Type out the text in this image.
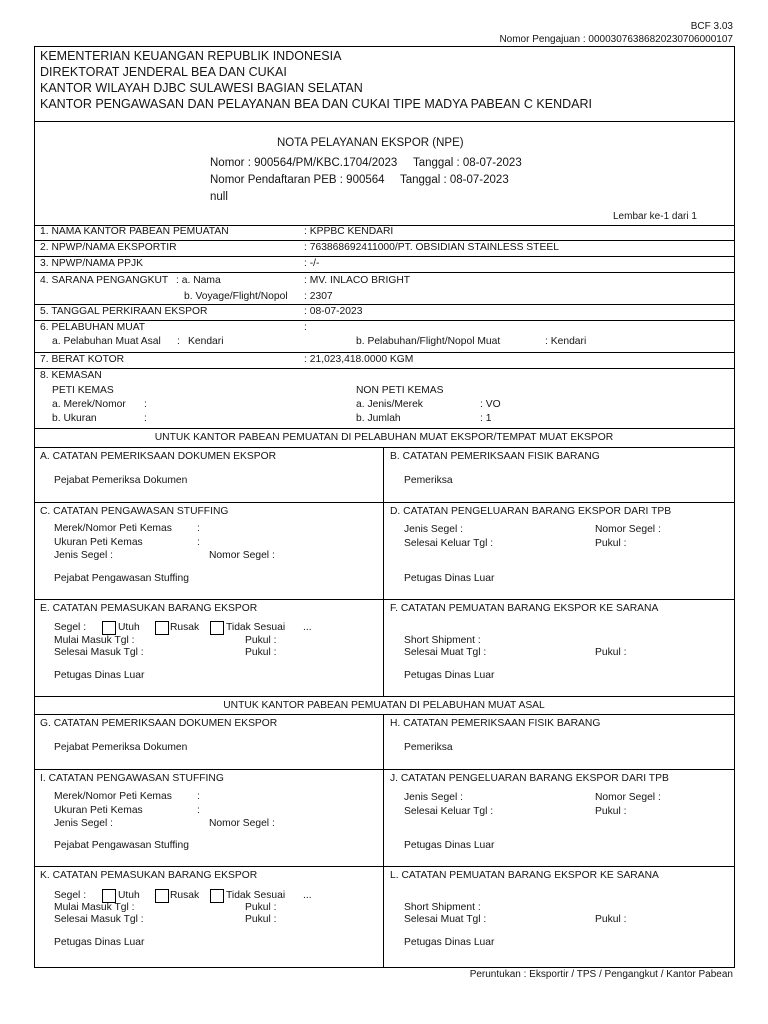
BCF 3.03
Nomor Pengajuan : 00003076386820230706000107
KEMENTERIAN KEUANGAN REPUBLIK INDONESIA
DIREKTORAT JENDERAL BEA DAN CUKAI
KANTOR WILAYAH DJBC SULAWESI BAGIAN SELATAN
KANTOR PENGAWASAN DAN PELAYANAN BEA DAN CUKAI TIPE MADYA PABEAN C KENDARI
NOTA PELAYANAN EKSPOR (NPE)
Nomor : 900564/PM/KBC.1704/2023 Tanggal : 08-07-2023
Nomor Pendaftaran PEB : 900564 Tanggal : 08-07-2023
null
Lembar ke-1 dari 1
1. NAMA KANTOR PABEAN PEMUATAN	: KPPBC KENDARI
2. NPWP/NAMA EKSPORTIR	: 763868692411000/PT. OBSIDIAN STAINLESS STEEL
3. NPWP/NAMA PPJK	: -/-
4. SARANA PENGANGKUT : a. Nama	: MV. INLACO BRIGHT
b. Voyage/Flight/Nopol : 2307
5. TANGGAL PERKIRAAN EKSPOR	: 08-07-2023
6. PELABUHAN MUAT	:
a. Pelabuhan Muat Asal : Kendari	b. Pelabuhan/Flight/Nopol Muat	: Kendari
7. BERAT KOTOR	: 21,023,418.0000 KGM
8. KEMASAN
PETI KEMAS	NON PETI KEMAS
a. Merek/Nomor :	a. Jenis/Merek	: VO
b. Ukuran	:	b. Jumlah	: 1
UNTUK KANTOR PABEAN PEMUATAN DI PELABUHAN MUAT EKSPOR/TEMPAT MUAT EKSPOR
A. CATATAN PEMERIKSAAN DOKUMEN EKSPOR
Pejabat Pemeriksa Dokumen
B. CATATAN PEMERIKSAAN FISIK BARANG
Pemeriksa
C. CATATAN PENGAWASAN STUFFING
Merek/Nomor Peti Kemas :
Ukuran Peti Kemas	:
Jenis Segel :	Nomor Segel :
Pejabat Pengawasan Stuffing
D. CATATAN PENGELUARAN BARANG EKSPOR DARI TPB
Jenis Segel :	Nomor Segel :
Selesai Keluar Tgl :	Pukul :
Petugas Dinas Luar
E. CATATAN PEMASUKAN BARANG EKSPOR
Segel :	Utuh	Rusak	Tidak Sesuai ...
Mulai Masuk Tgl :	Pukul :
Selesai Masuk Tgl :	Pukul :
Petugas Dinas Luar
F. CATATAN PEMUATAN BARANG EKSPOR KE SARANA
Short Shipment :
Selesai Muat Tgl :	Pukul :
Petugas Dinas Luar
UNTUK KANTOR PABEAN PEMUATAN DI PELABUHAN MUAT ASAL
G. CATATAN PEMERIKSAAN DOKUMEN EKSPOR
Pejabat Pemeriksa Dokumen
H. CATATAN PEMERIKSAAN FISIK BARANG
Pemeriksa
I. CATATAN PENGAWASAN STUFFING
Merek/Nomor Peti Kemas :
Ukuran Peti Kemas	:
Jenis Segel :	Nomor Segel :
Pejabat Pengawasan Stuffing
J. CATATAN PENGELUARAN BARANG EKSPOR DARI TPB
Jenis Segel :	Nomor Segel :
Selesai Keluar Tgl :	Pukul :
Petugas Dinas Luar
K. CATATAN PEMASUKAN BARANG EKSPOR
Segel :	Utuh	Rusak	Tidak Sesuai ...
Mulai Masuk Tgl :	Pukul :
Selesai Masuk Tgl :	Pukul :
Petugas Dinas Luar
L. CATATAN PEMUATAN BARANG EKSPOR KE SARANA
Short Shipment :
Selesai Muat Tgl :	Pukul :
Petugas Dinas Luar
Peruntukan : Eksportir / TPS / Pengangkut / Kantor Pabean
